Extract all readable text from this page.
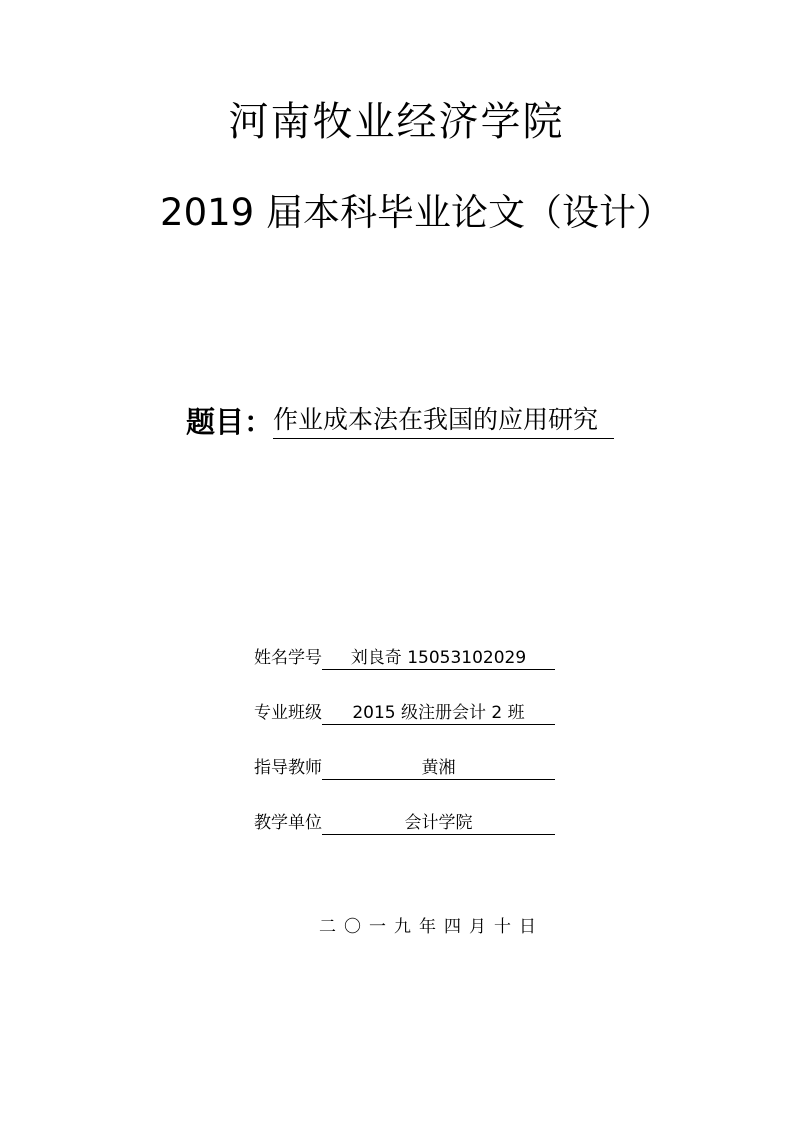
河南牧业经济学院
2019 届本科毕业论文（设计）
题目： 作业成本法在我国的应用研究
姓名学号	刘良奇 15053102029
专业班级	2015 级注册会计 2 班
指导教师	黄湘
教学单位	会计学院
二〇一九年四月十日
